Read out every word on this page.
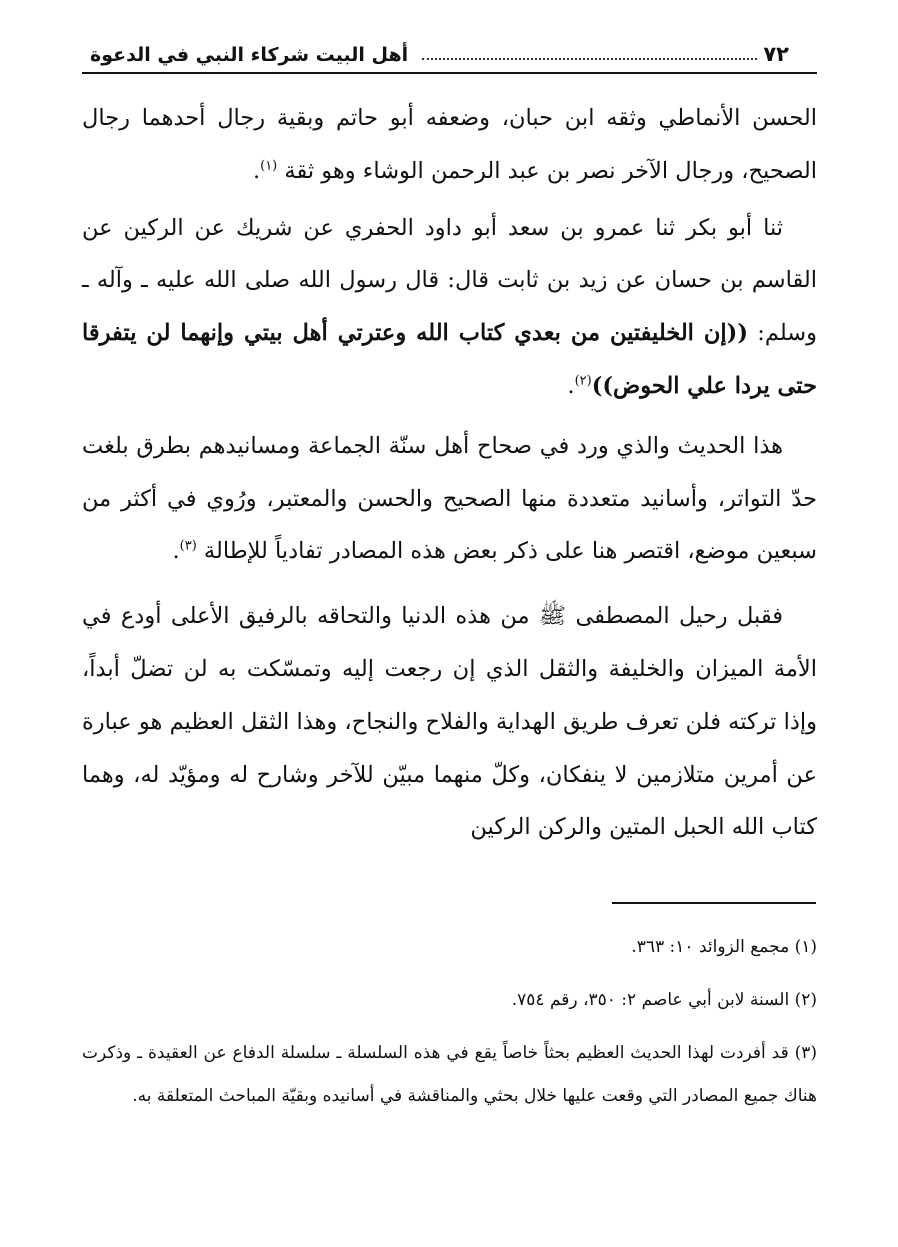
٧٢
أهل البيت شركاء النبي في الدعوة

الحسن الأنماطي وثقه ابن حبان، وضعفه أبو حاتم وبقية رجال أحدهما رجال الصحيح، ورجال الآخر نصر بن عبد الرحمن الوشاء وهو ثقة $^{(١)}$.

ثنا أبو بكر ثنا عمرو بن سعد أبو داود الحفري عن شريك عن الركين عن القاسم بن حسان عن زيد بن ثابت قال: قال رسول الله صلى الله عليه ـ وآله ـ وسلم: ((إن الخليفتين من بعدي كتاب الله وعترتي أهل بيتي وإنهما لن يتفرقا حتى يردا علي الحوض))$^{(٢)}$.

هذا الحديث والذي ورد في صحاح أهل سنّة الجماعة ومسانيدهم بطرق بلغت حدّ التواتر، وأسانيد متعددة منها الصحيح والحسن والمعتبر، ورُوي في أكثر من سبعين موضع، اقتصر هنا على ذكر بعض هذه المصادر تفادياً للإطالة $^{(٣)}$.

فقبل رحيل المصطفى ﷺ من هذه الدنيا والتحاقه بالرفيق الأعلى أودع في الأمة الميزان والخليفة والثقل الذي إن رجعت إليه وتمسّكت به لن تضلّ أبداً، وإذا تركته فلن تعرف طريق الهداية والفلاح والنجاح، وهذا الثقل العظيم هو عبارة عن أمرين متلازمين لا ينفكان، وكلّ منهما مبيّن للآخر وشارح له ومؤيّد له، وهما كتاب الله الحبل المتين والركن الركين

(١) مجمع الزوائد ١٠: ٣٦٣.

(٢) السنة لابن أبي عاصم ٢: ٣٥٠، رقم ٧٥٤.

(٣) قد أفردت لهذا الحديث العظيم بحثاً خاصاً يقع في هذه السلسلة ـ سلسلة الدفاع عن العقيدة ـ وذكرت هناك جميع المصادر التي وقعت عليها خلال بحثي والمناقشة في أسانيده وبقيّة المباحث المتعلقة به.
